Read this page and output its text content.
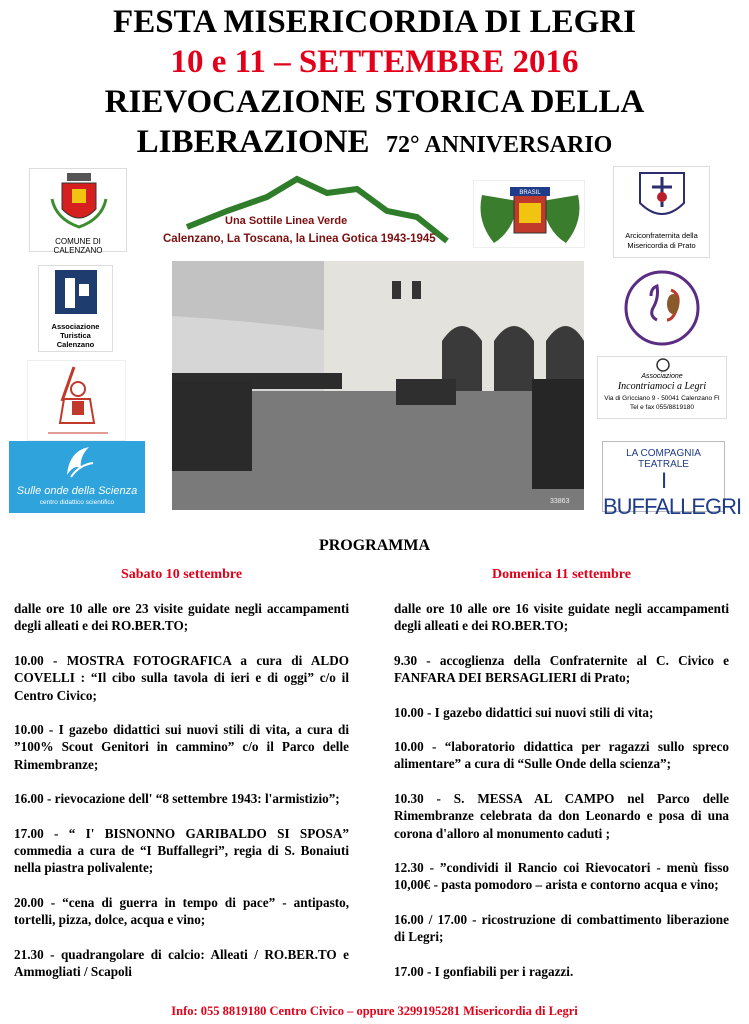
FESTA MISERICORDIA DI LEGRI
10 e 11 – SETTEMBRE 2016
RIEVOCAZIONE STORICA DELLA
LIBERAZIONE 72° ANNIVERSARIO
COMUNE DI CALENZANO
Una Sottile Linea Verde
Calenzano, La Toscana, la Linea Gotica 1943-1945
BRASIL
Arciconfraternita della
Misericordia di Prato
Associazione
Turistica
Calenzano
Associazione
Incontriamoci a Legri
Via di Grìcciano 9 - 50041 Calenzano FI
Tel e fax 055/8819180
Sulle onde della Scienza
centro didattico scientifico
LA COMPAGNIA TEATRALE
I BUFFALLEGRI
33863
PROGRAMMA
Sabato 10 settembre	Domenica 11 settembre

dalle ore 10 alle ore 23 visite guidate negli accampamenti degli alleati e dei RO.BER.TO;

10.00 - MOSTRA FOTOGRAFICA a cura di ALDO COVELLI : “Il cibo sulla tavola di ieri e di oggi” c/o il Centro Civico;

10.00 - I gazebo didattici sui nuovi stili di vita, a cura di ”100% Scout Genitori in cammino” c/o il Parco delle Rimembranze;

16.00 - rievocazione dell' “8 settembre 1943: l'armistizio”;

17.00 - “ I' BISNONNO GARIBALDO SI SPOSA” commedia a cura de “I Buffallegri”, regia di S. Bonaiuti nella piastra polivalente;

20.00 - “cena di guerra in tempo di pace” - antipasto, tortelli, pizza, dolce, acqua e vino;

21.30 - quadrangolare di calcio: Alleati / RO.BER.TO e Ammogliati / Scapoli

dalle ore 10 alle ore 16 visite guidate negli accampamenti degli alleati e dei RO.BER.TO;

9.30 - accoglienza della Confraternite al C. Civico e FANFARA DEI BERSAGLIERI di Prato;

10.00 - I gazebo didattici sui nuovi stili di vita;

10.00 - “laboratorio didattica per ragazzi sullo spreco alimentare” a cura di “Sulle Onde della scienza”;

10.30 - S. MESSA AL CAMPO nel Parco delle Rimembranze celebrata da don Leonardo e posa di una corona d'alloro al monumento caduti ;

12.30 - ”condividi il Rancio coi Rievocatori - menù fisso 10,00€ - pasta pomodoro – arista e contorno acqua e vino;

16.00 / 17.00 - ricostruzione di combattimento liberazione di Legri;

17.00 - I gonfiabili per i ragazzi.

Info: 055 8819180 Centro Civico – oppure 3299195281 Misericordia di Legri
